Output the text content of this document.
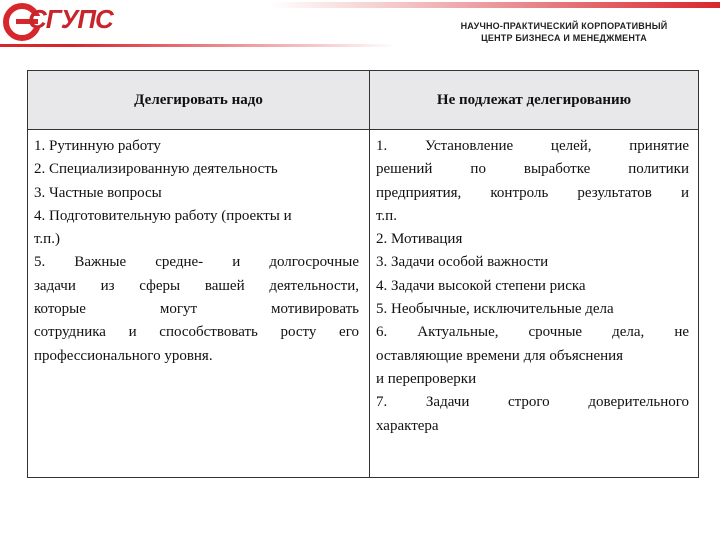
СГУПС	НАУЧНО-ПРАКТИЧЕСКИЙ КОРПОРАТИВНЫЙ
ЦЕНТР БИЗНЕСА И МЕНЕДЖМЕНТА
Делегировать надо	Не подлежат делегированию
1. Рутинную работу
2. Специализированную деятельность
3. Частные вопросы
4. Подготовительную работу (проекты и
т.п.)
5. Важные средне- и долгосрочные
задачи из сферы вашей деятельности,
которые могут мотивировать
сотрудника и способствовать росту его
профессионального уровня.
1. Установление целей, принятие
решений по выработке политики
предприятия, контроль результатов и
т.п.
2. Мотивация
3. Задачи особой важности
4. Задачи высокой степени риска
5. Необычные, исключительные дела
6. Актуальные, срочные дела, не
оставляющие времени для объяснения
и перепроверки
7. Задачи строго доверительного
характера
